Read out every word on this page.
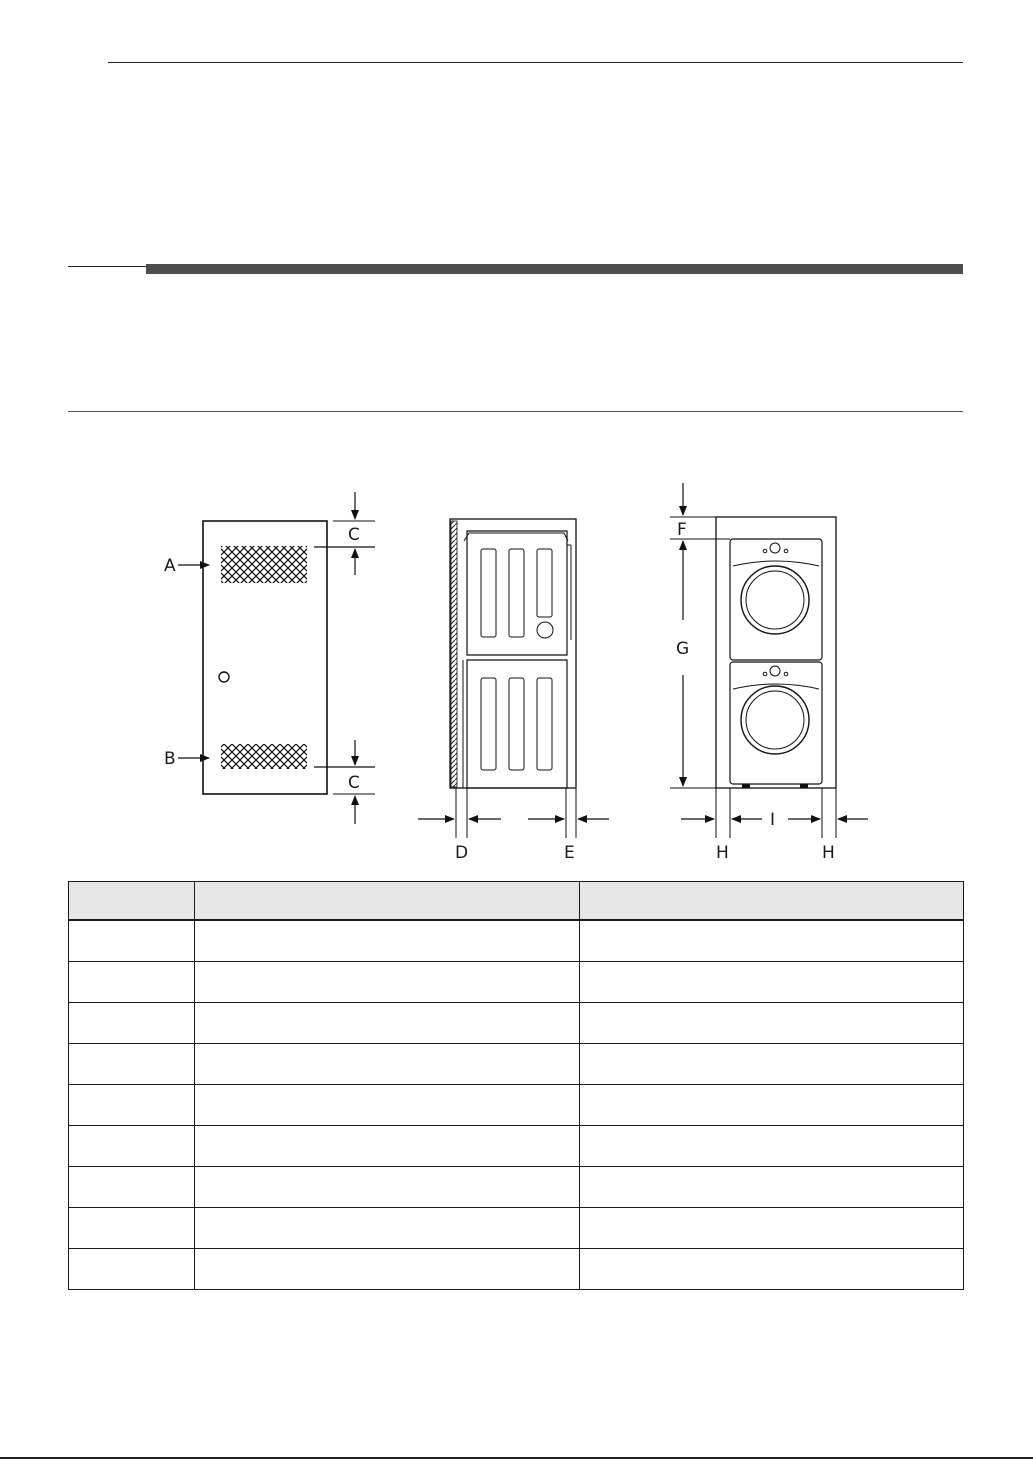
A
B
C
C
D	E
F
G
H
I
H
